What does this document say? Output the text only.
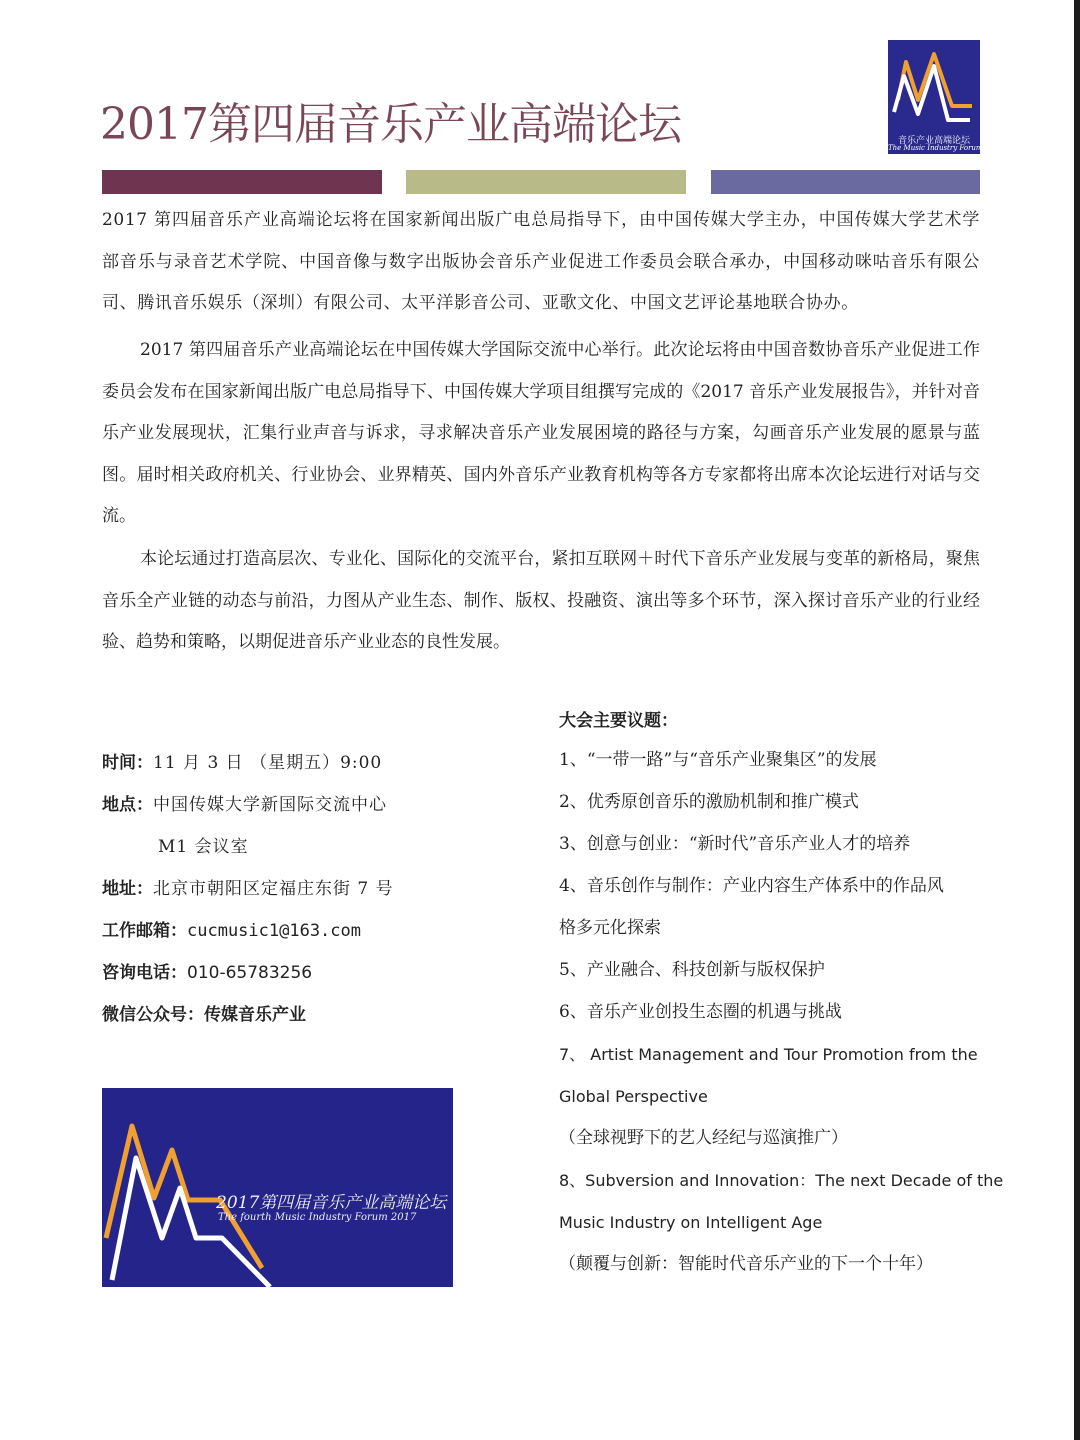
2017第四届音乐产业高端论坛	音乐产业高端论坛
The Music Industry Forum

2017 第四届音乐产业高端论坛将在国家新闻出版广电总局指导下，由中国传媒大学主办，中国传媒大学艺术学部音乐与录音艺术学院、中国音像与数字出版协会音乐产业促进工作委员会联合承办，中国移动咪咕音乐有限公司、腾讯音乐娱乐（深圳）有限公司、太平洋影音公司、亚歌文化、中国文艺评论基地联合协办。

2017 第四届音乐产业高端论坛在中国传媒大学国际交流中心举行。此次论坛将由中国音数协音乐产业促进工作委员会发布在国家新闻出版广电总局指导下、中国传媒大学项目组撰写完成的《2017 音乐产业发展报告》，并针对音乐产业发展现状，汇集行业声音与诉求，寻求解决音乐产业发展困境的路径与方案，勾画音乐产业发展的愿景与蓝图。届时相关政府机关、行业协会、业界精英、国内外音乐产业教育机构等各方专家都将出席本次论坛进行对话与交流。

本论坛通过打造高层次、专业化、国际化的交流平台，紧扣互联网＋时代下音乐产业发展与变革的新格局，聚焦音乐全产业链的动态与前沿，力图从产业生态、制作、版权、投融资、演出等多个环节，深入探讨音乐产业的行业经验、趋势和策略，以期促进音乐产业业态的良性发展。

时间：11 月 3 日 （星期五）9:00
地点：中国传媒大学新国际交流中心
M1 会议室
地址：北京市朝阳区定福庄东街 7 号
工作邮箱：cucmusic1@163.com
咨询电话：010-65783256
微信公众号：传媒音乐产业
大会主要议题：
1、“一带一路”与“音乐产业聚集区”的发展
2、优秀原创音乐的激励机制和推广模式
3、创意与创业：“新时代”音乐产业人才的培养
4、音乐创作与制作：产业内容生产体系中的作品风
格多元化探索
5、产业融合、科技创新与版权保护
6、音乐产业创投生态圈的机遇与挑战
7、 Artist Management and Tour Promotion from the
Global Perspective
（全球视野下的艺人经纪与巡演推广）
8、Subversion and Innovation：The next Decade of the
Music Industry on Intelligent Age
（颠覆与创新：智能时代音乐产业的下一个十年）
2017第四届音乐产业高端论坛
The fourth Music Industry Forum 2017
